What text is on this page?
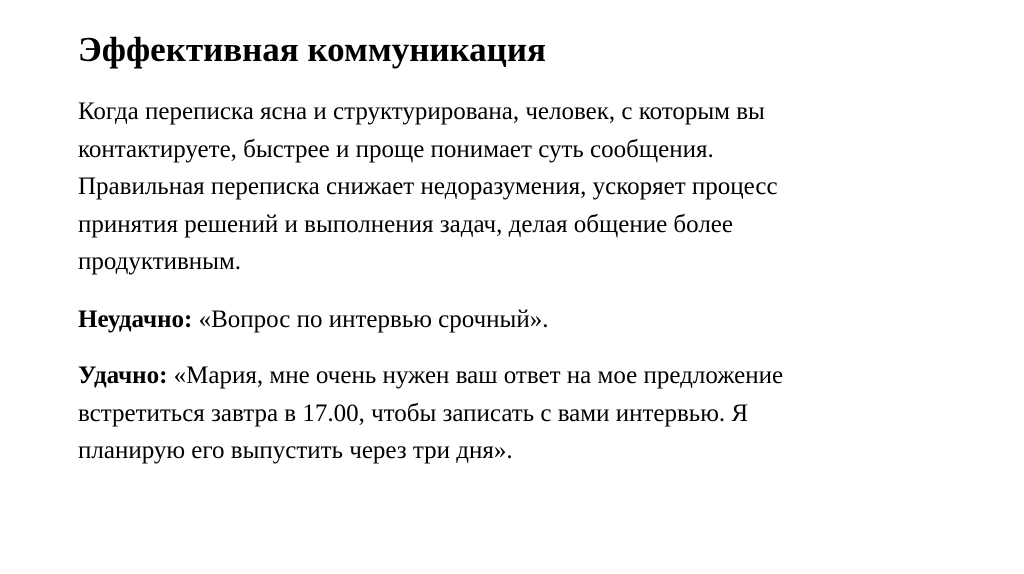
Эффективная коммуникация

Когда переписка ясна и структурирована, человек, с которым вы
контактируете, быстрее и проще понимает суть сообщения.
Правильная переписка снижает недоразумения, ускоряет процесс
принятия решений и выполнения задач, делая общение более
продуктивным.

Неудачно: «Вопрос по интервью срочный».

Удачно: «Мария, мне очень нужен ваш ответ на мое предложение
встретиться завтра в 17.00, чтобы записать с вами интервью. Я
планирую его выпустить через три дня».
